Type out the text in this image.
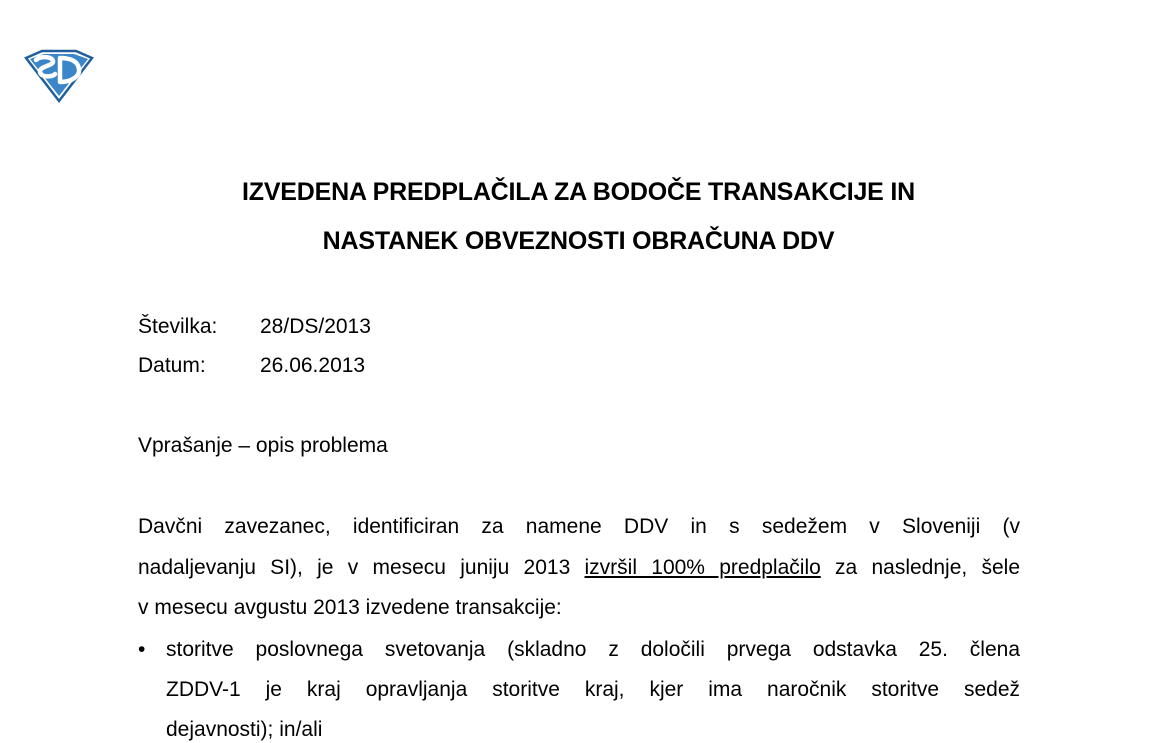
IZVEDENA PREDPLAČILA ZA BODOČE TRANSAKCIJE IN
NASTANEK OBVEZNOSTI OBRAČUNA DDV
Številka: 28/DS/2013
Datum:	26.06.2013
Vprašanje – opis problema
Davčni zavezanec, identificiran za namene DDV in s sedežem v Sloveniji (v
nadaljevanju SI), je v mesecu juniju 2013 izvršil 100% predplačilo za naslednje, šele
v mesecu avgustu 2013 izvedene transakcije:
• storitve poslovnega svetovanja (skladno z določili prvega odstavka 25. člena
ZDDV-1 je kraj opravljanja storitve kraj, kjer ima naročnik storitve sedež
dejavnosti); in/ali
